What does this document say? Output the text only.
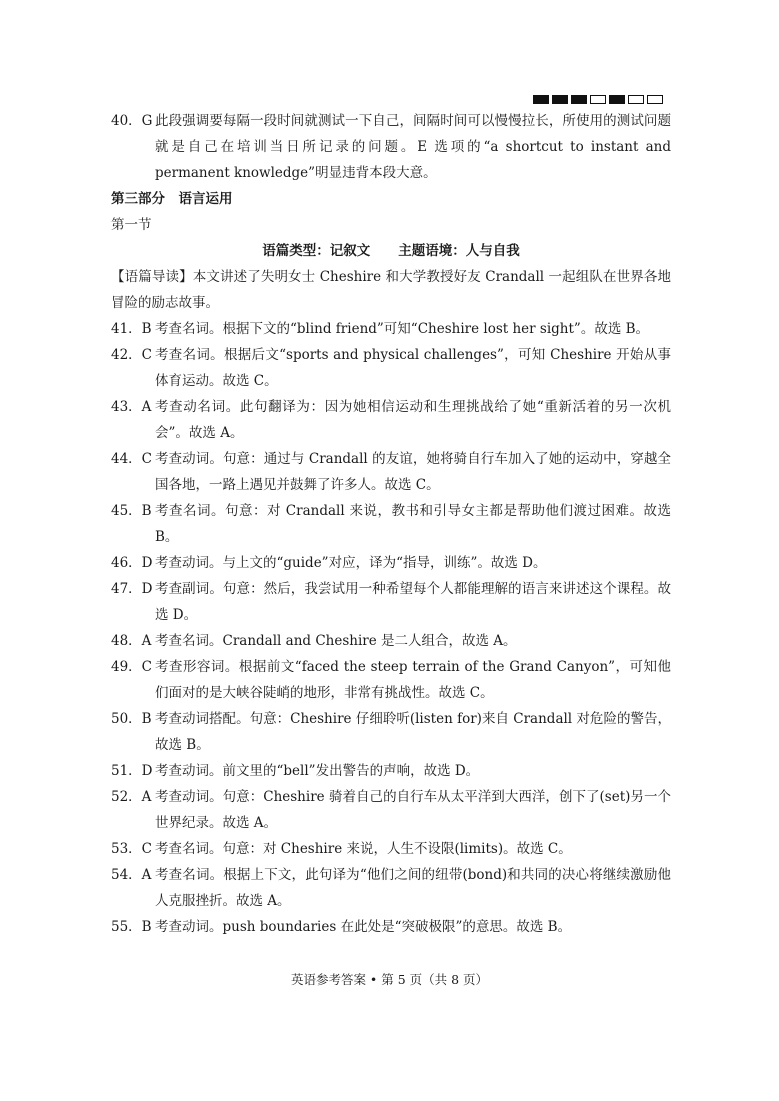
40．G 此段强调要每隔一段时间就测试一下自己，间隔时间可以慢慢拉长，所使用的测试问题就是自己在培训当日所记录的问题。E 选项的“a shortcut to instant and permanent knowledge”明显违背本段大意。
第三部分　语言运用
第一节
语篇类型：记叙文 主题语境：人与自我
【语篇导读】本文讲述了失明女士 Cheshire 和大学教授好友 Crandall 一起组队在世界各地冒险的励志故事。
41．B 考查名词。根据下文的“blind friend”可知“Cheshire lost her sight”。故选 B。
42．C 考查名词。根据后文“sports and physical challenges”，可知 Cheshire 开始从事体育运动。故选 C。
43．A 考查动名词。此句翻译为：因为她相信运动和生理挑战给了她“重新活着的另一次机会”。故选 A。
44．C 考查动词。句意：通过与 Crandall 的友谊，她将骑自行车加入了她的运动中，穿越全国各地，一路上遇见并鼓舞了许多人。故选 C。
45．B 考查名词。句意：对 Crandall 来说，教书和引导女主都是帮助他们渡过困难。故选 B。
46．D 考查动词。与上文的“guide”对应，译为“指导，训练”。故选 D。
47．D 考查副词。句意：然后，我尝试用一种希望每个人都能理解的语言来讲述这个课程。故选 D。
48．A 考查名词。Crandall and Cheshire 是二人组合，故选 A。
49．C 考查形容词。根据前文“faced the steep terrain of the Grand Canyon”，可知他们面对的是大峡谷陡峭的地形，非常有挑战性。故选 C。
50．B 考查动词搭配。句意：Cheshire 仔细聆听(listen for)来自 Crandall 对危险的警告，故选 B。
51．D 考查动词。前文里的“bell”发出警告的声响，故选 D。
52．A 考查动词。句意：Cheshire 骑着自己的自行车从太平洋到大西洋，创下了(set)另一个世界纪录。故选 A。
53．C 考查名词。句意：对 Cheshire 来说，人生不设限(limits)。故选 C。
54．A 考查名词。根据上下文，此句译为“他们之间的纽带(bond)和共同的决心将继续激励他人克服挫折。故选 A。
55．B 考查动词。push boundaries 在此处是“突破极限”的意思。故选 B。
英语参考答案 • 第 5 页（共 8 页）
